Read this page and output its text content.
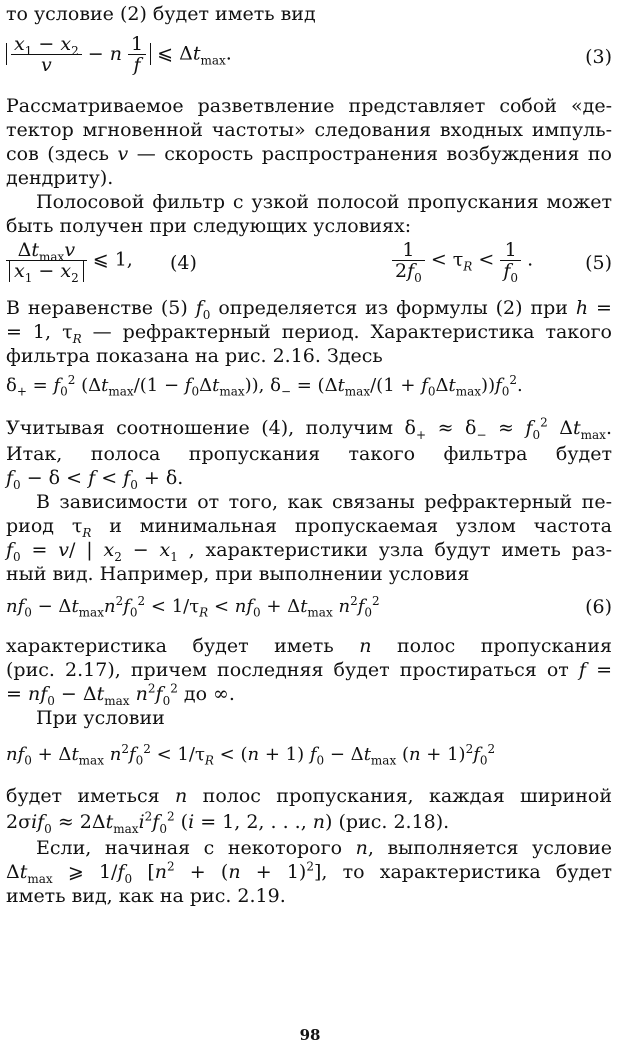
то условие (2) будет иметь вид
$\frac{x_1 - x_2}{v} - n \frac{1}{f}$ ⩽ $\Delta t_{max}$.	(3)
Рассматриваемое разветвление представляет собой «де-
тектор мгновенной частоты» следования входных импуль-
сов (здесь v — скорость распространения возбуждения по
дендриту).
Полосовой фильтр с узкой полосой пропускания может
быть получен при следующих условиях:
$\frac{\Delta t_{max}v}{x_1 - x_2}$ ⩽ 1, (4)	$\frac{1}{2f_0} < \tau_R < \frac{1}{f_0}$ .	(5)
В неравенстве (5) $f_0$ определяется из формулы (2) при h =
= 1, $\tau_R$ — рефрактерный период. Характеристика такого
фильтра показана на рис. 2.16. Здесь
$\delta_+ = f_0^2$ $(\Delta t_{max}/(1 - f_0\Delta t_{max}))$, $\delta_- = (\Delta t_{max}/(1 + f_0\Delta t_{max}))f_0^2$.
Учитывая соотношение (4), получим $\delta_+ \approx \delta_- \approx f_0^2$ $\Delta t_{max}$.
Итак, полоса пропускания такого фильтра будет
$f_0 - \delta < f < f_0 + \delta$.
В зависимости от того, как связаны рефрактерный пе-
риод $\tau_R$ и минимальная пропускаемая узлом частота
$f_0 = v/$ | $x_2 - x_1$ , характеристики узла будут иметь раз-
ный вид. Например, при выполнении условия
$nf_0 - \Delta t_{max}n^2f_0^2 < 1/\tau_R < nf_0 + \Delta t_{max}$ $n^2f_0^2$	(6)
характеристика будет иметь n полос пропускания
(рис. 2.17), причем последняя будет простираться от f =
= $nf_0 - \Delta t_{max}$ $n^2f_0^2$ до ∞.
При условии
$nf_0 + \Delta t_{max}$ $n^2f_0^2 < 1/\tau_R < (n + 1) f_0 - \Delta t_{max}$ $(n + 1)^2f_0^2$
будет иметься n полос пропускания, каждая шириной
$2\sigma if_0 \approx 2\Delta t_{max}i^2f_0^2$ (i = 1, 2, . . ., n) (рис. 2.18).
Если, начиная с некоторого n, выполняется условие
$\Delta t_{max}$ ⩾ $1/f_0$ $[n^2 + (n + 1)^2]$, то характеристика будет
иметь вид, как на рис. 2.19.
98
